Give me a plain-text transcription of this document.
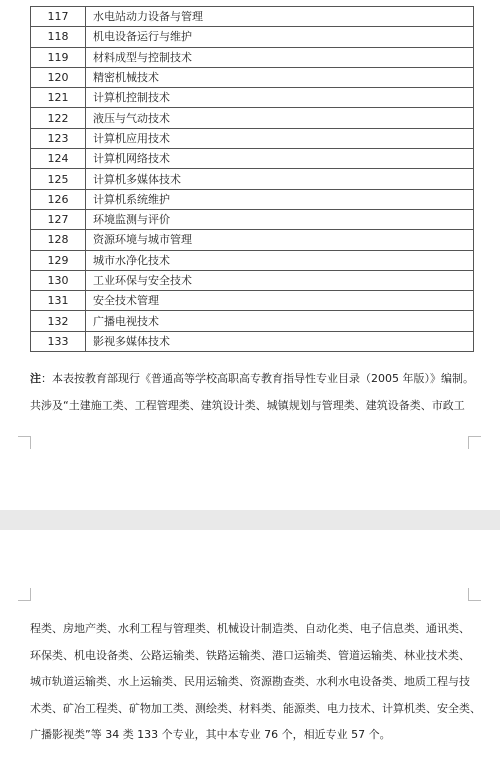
117	水电站动力设备与管理
118	机电设备运行与维护
119	材料成型与控制技术
120	精密机械技术
121	计算机控制技术
122	液压与气动技术
123	计算机应用技术
124	计算机网络技术
125	计算机多媒体技术
126	计算机系统维护
127	环境监测与评价
128	资源环境与城市管理
129	城市水净化技术
130	工业环保与安全技术
131	安全技术管理
132	广播电视技术
133	影视多媒体技术
注：本表按教育部现行《普通高等学校高职高专教育指导性专业目录（2005 年版）》编制。
共涉及“土建施工类、工程管理类、建筑设计类、城镇规划与管理类、建筑设备类、市政工
程类、房地产类、水利工程与管理类、机械设计制造类、自动化类、电子信息类、通讯类、
环保类、机电设备类、公路运输类、铁路运输类、港口运输类、管道运输类、林业技术类、
城市轨道运输类、水上运输类、民用运输类、资源勘查类、水利水电设备类、地质工程与技
术类、矿冶工程类、矿物加工类、测绘类、材料类、能源类、电力技术、计算机类、安全类、
广播影视类”等 34 类 133 个专业，其中本专业 76 个，相近专业 57 个。
